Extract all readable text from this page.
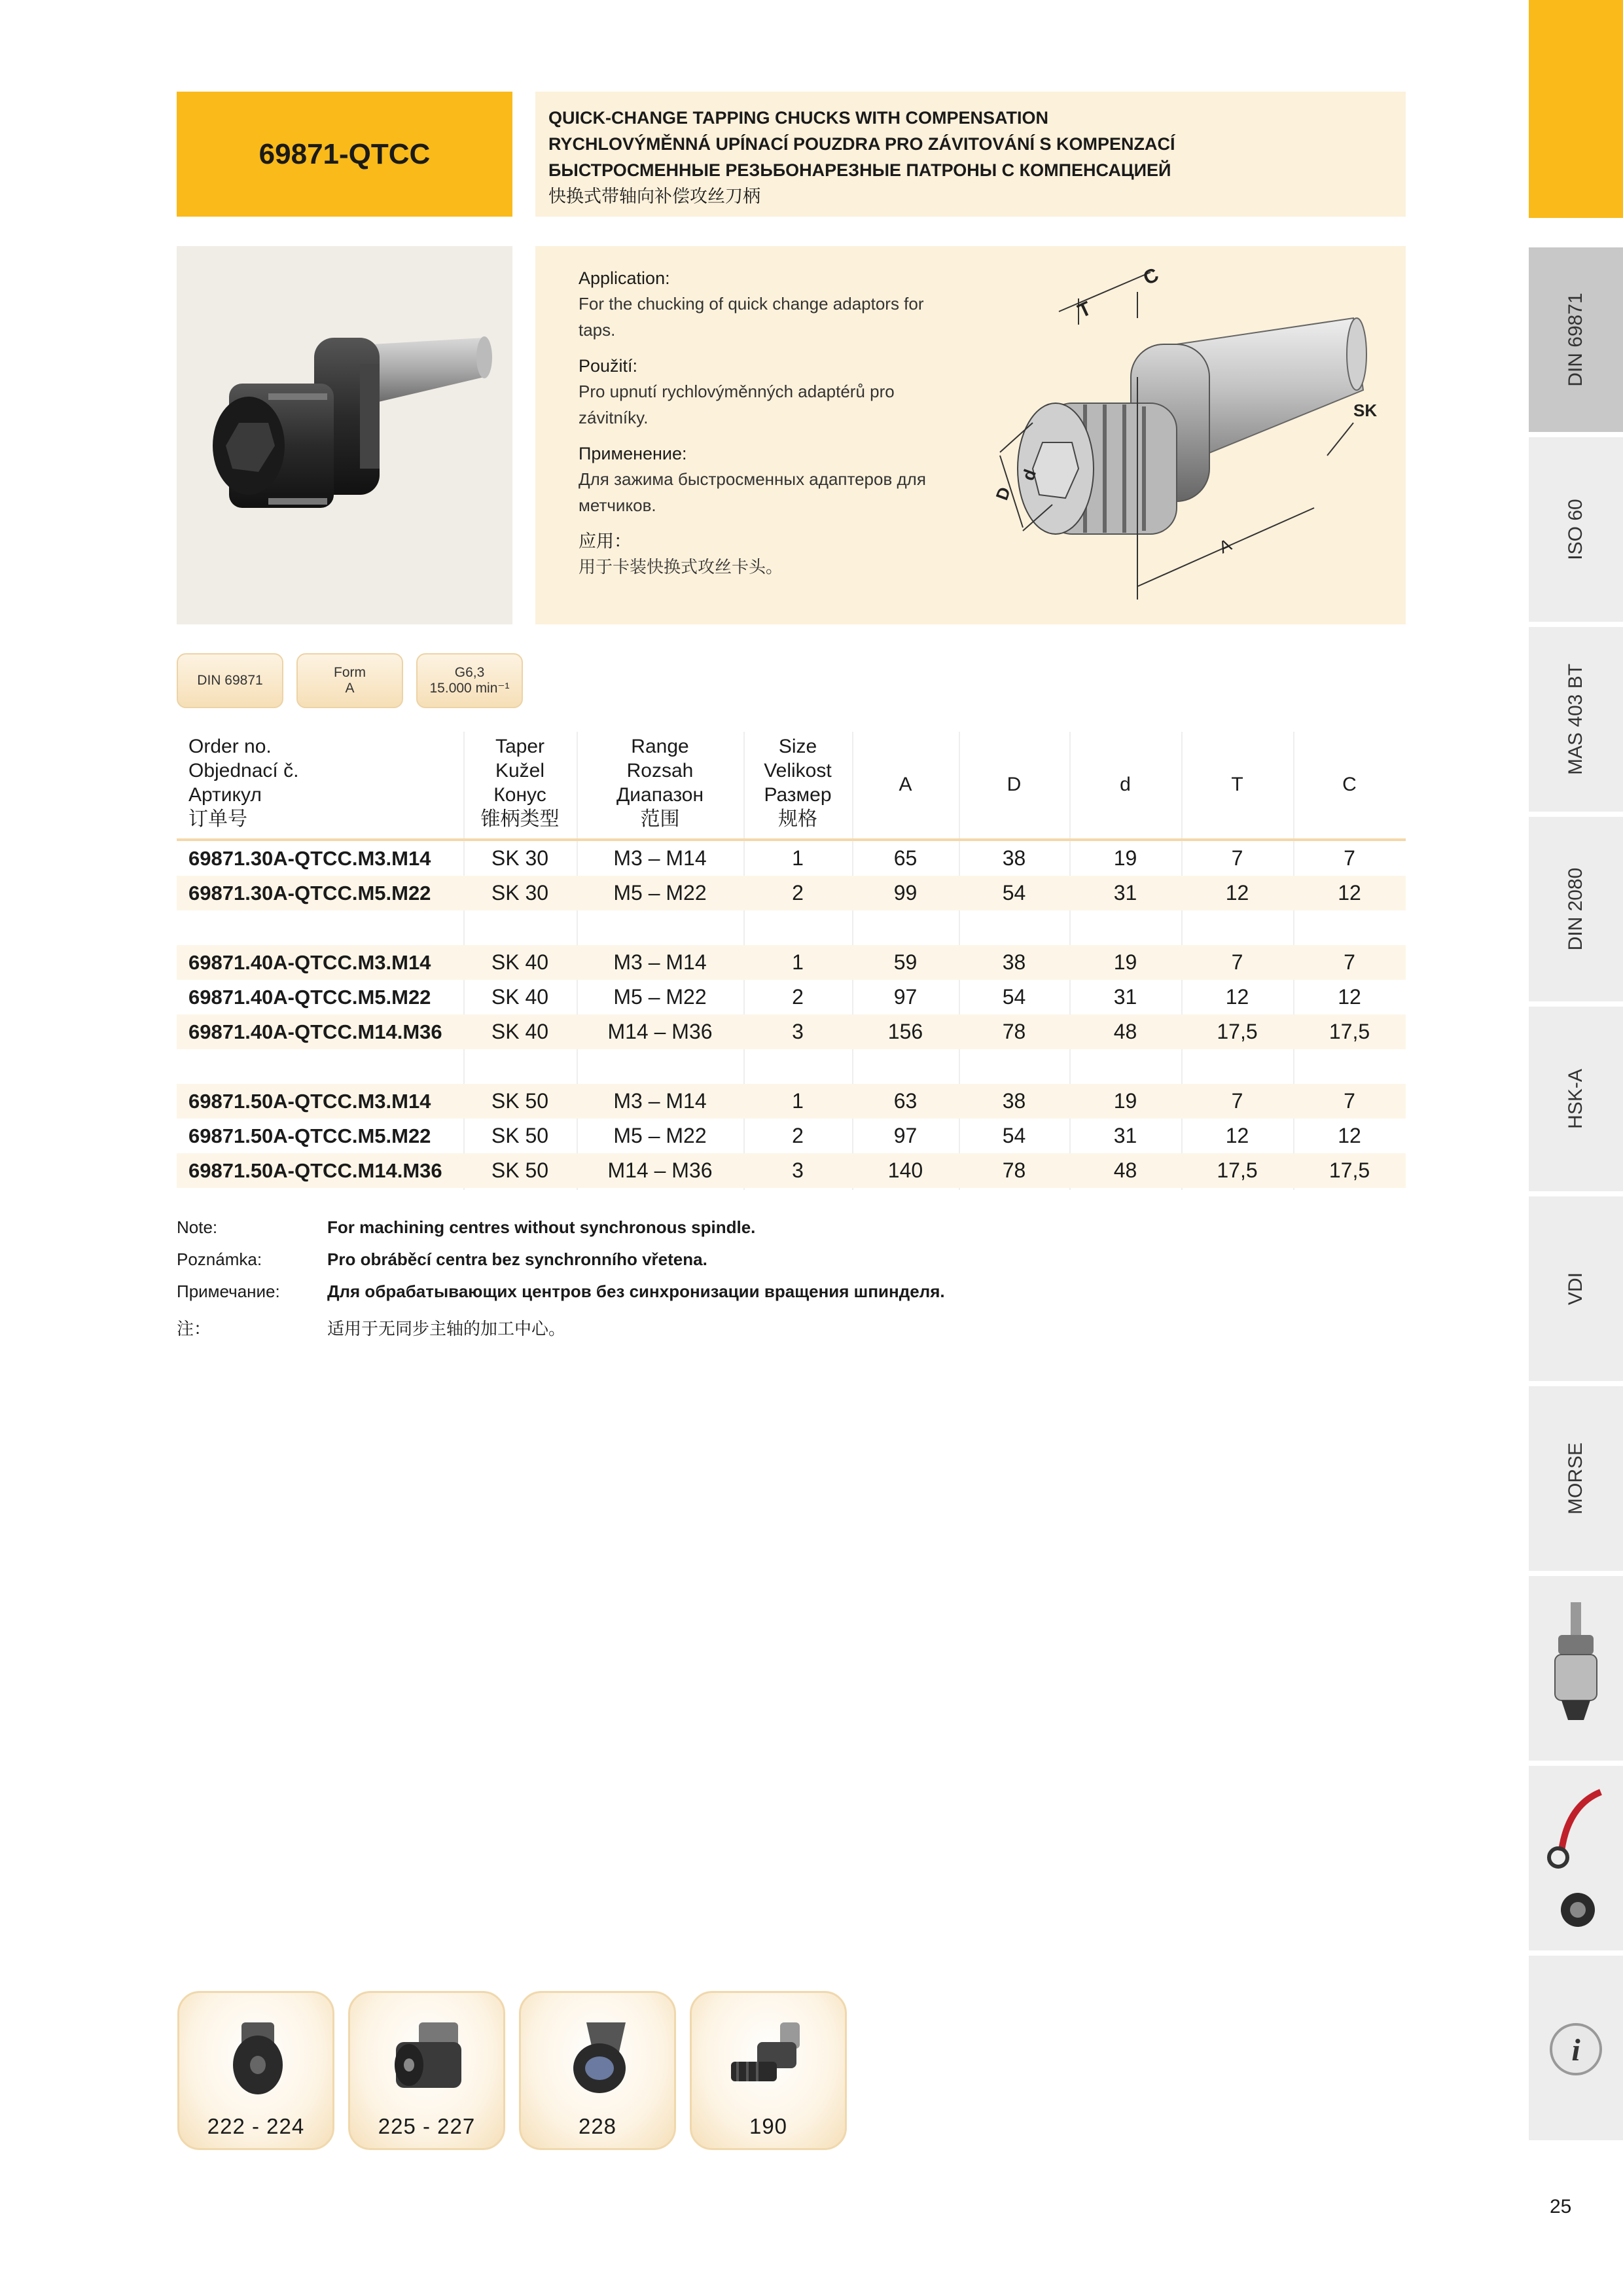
69871-QTCC
QUICK-CHANGE TAPPING CHUCKS WITH COMPENSATION
RYCHLOVÝMĚNNÁ UPÍNACÍ POUZDRA PRO ZÁVITOVÁNÍ S KOMPENZACÍ
БЫСТРОСМЕННЫЕ РЕЗЬБОНАРЕЗНЫЕ ПАТРОНЫ С КОМПЕНСАЦИЕЙ
快换式带轴向补偿攻丝刀柄
Application:
For the chucking of quick change adaptors for taps.
Použití:
Pro upnutí rychlovýměnných adaptérů pro závitníky.
Применение:
Для зажима быстросменных адаптеров для метчиков.
应用：
用于卡装快换式攻丝卡头。
T
C
SK
D
d
A
DIN 69871
Form
A
G6,3
15.000 min⁻¹
Order no.
Objednací č.
Артикул
订单号
Taper
Kužel
Конус
锥柄类型
Range
Rozsah
Диапазон
范围
Size
Velikost
Размер
规格
A	D	d	T	C
69871.30A-QTCC.M3.M14	SK 30	M3 – M14	1	65	38	19	7	7
69871.30A-QTCC.M5.M22	SK 30	M5 – M22	2	99	54	31	12	12
69871.40A-QTCC.M3.M14	SK 40	M3 – M14	1	59	38	19	7	7
69871.40A-QTCC.M5.M22	SK 40	M5 – M22	2	97	54	31	12	12
69871.40A-QTCC.M14.M36	SK 40	M14 – M36	3	156	78	48	17,5	17,5
69871.50A-QTCC.M3.M14	SK 50	M3 – M14	1	63	38	19	7	7
69871.50A-QTCC.M5.M22	SK 50	M5 – M22	2	97	54	31	12	12
69871.50A-QTCC.M14.M36	SK 50	M14 – M36	3	140	78	48	17,5	17,5
Note:	For machining centres without synchronous spindle.
Poznámka:	Pro obráběcí centra bez synchronního vřetena.
Примечание:	Для обрабатывающих центров без синхронизации вращения шпинделя.
注：	适用于无同步主轴的加工中心。
DIN 69871
ISO 60
MAS 403 BT
DIN 2080
HSK-A
VDI
MORSE
i
222 - 224	225 - 227	228	190
25
